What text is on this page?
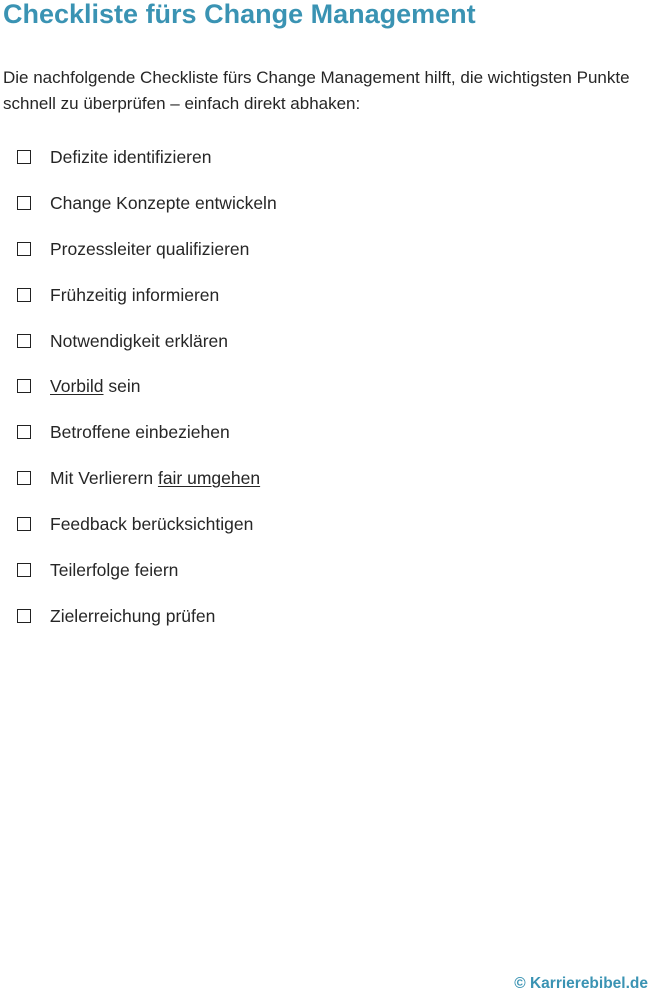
Checkliste fürs Change Management

Die nachfolgende Checkliste fürs Change Management hilft, die wichtigsten Punkte schnell zu überprüfen – einfach direkt abhaken:

Defizite identifizieren
Change Konzepte entwickeln
Prozessleiter qualifizieren
Frühzeitig informieren
Notwendigkeit erklären
Vorbild sein
Betroffene einbeziehen
Mit Verlierern fair umgehen
Feedback berücksichtigen
Teilerfolge feiern
Zielerreichung prüfen
© Karrierebibel.de
